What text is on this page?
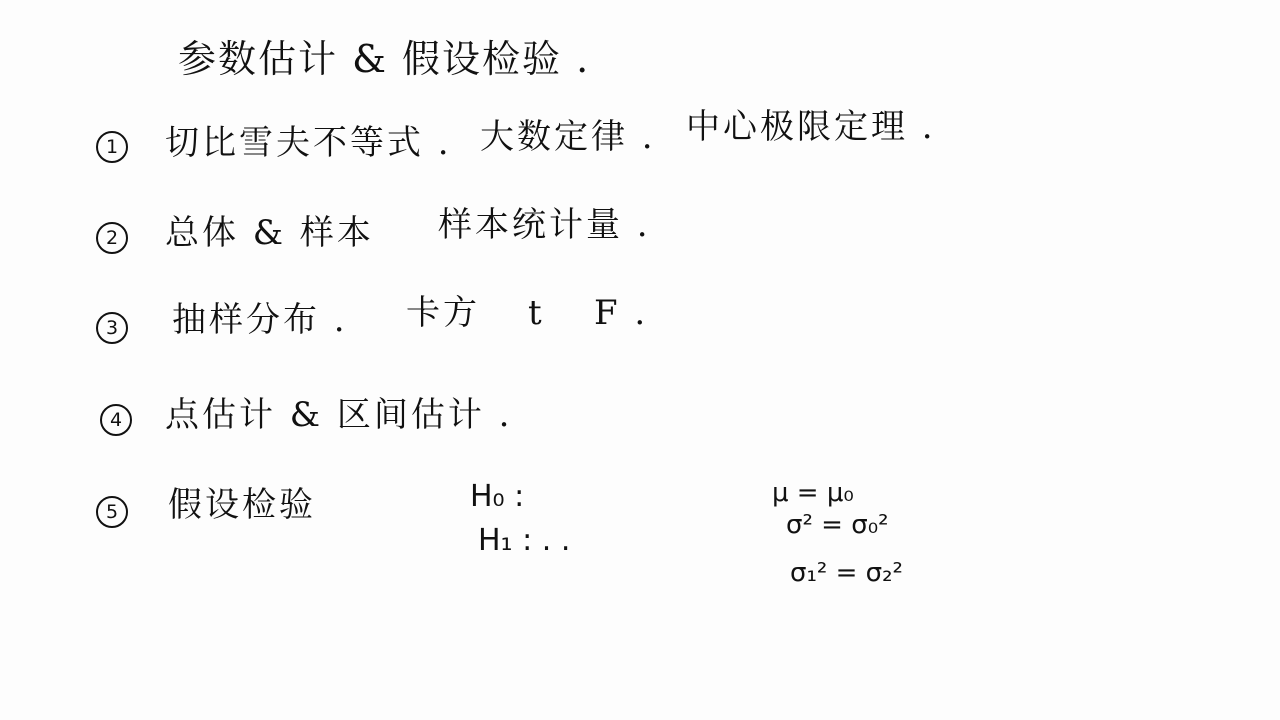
参数估计 & 假设检验 .
1 切比雪夫不等式 . 大数定律 . 中心极限定理 .
2 总体 & 样本 样本统计量 .
3 抽样分布 . 卡方 t F .
4 点估计 & 区间估计 .
5 假设检验	H₀ :
H₁ : . .
μ = μ₀
σ² = σ₀²
σ₁² = σ₂²
